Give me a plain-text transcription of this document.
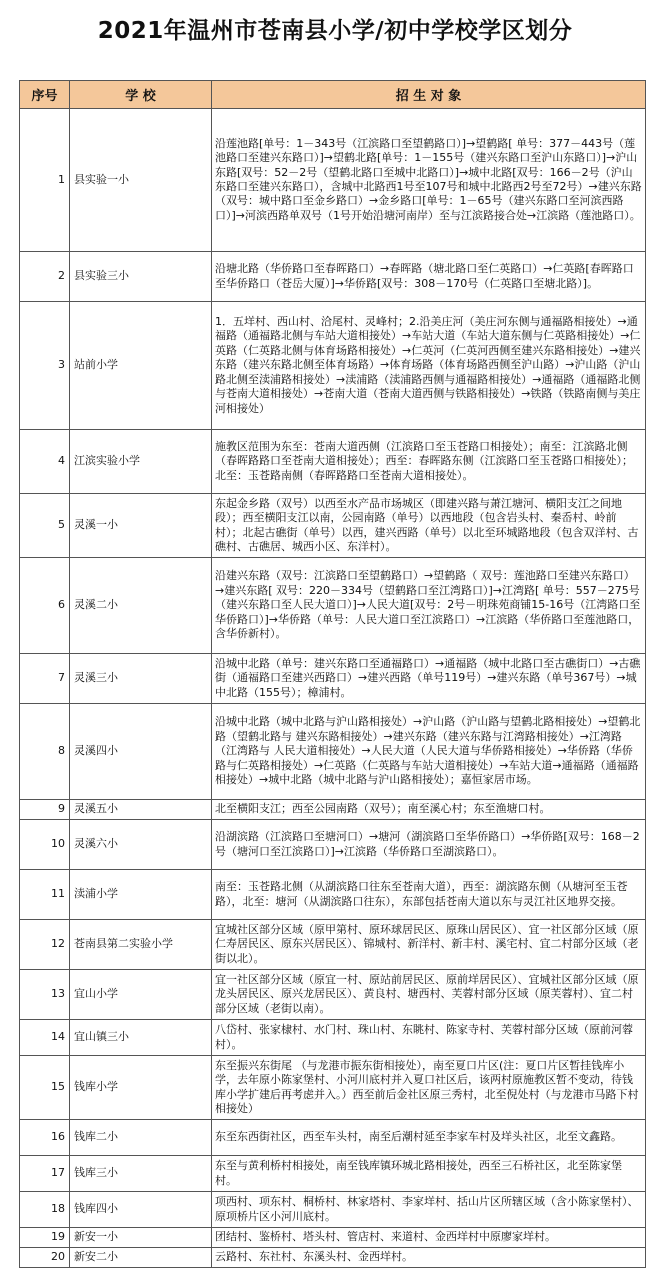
2021年温州市苍南县小学/初中学校学区划分
序号	学 校	招 生 对 象
1	县实验一小	沿莲池路[单号：1－343号（江滨路口至望鹤路口）]→望鹤路[ 单号：377－443号（莲池路口至建兴东路口）]→望鹤北路[单号：1－155号（建兴东路口至沪山东路口）]→沪山东路[双号：52－2号（望鹤北路口至城中北路口）]→城中北路[双号：166－2号（沪山东路口至建兴东路口），含城中北路西1号至107号和城中北路西2号至72号）→建兴东路（双号：城中路口至金乡路口）→金乡路口[单号：1－65号（建兴东路口至河滨西路口）]→河滨西路单双号（1号开始沿塘河南岸）至与江滨路接合处→江滨路（莲池路口）。
2	县实验三小	沿塘北路（华侨路口至春晖路口）→春晖路（塘北路口至仁英路口）→仁英路[春晖路口至华侨路口（苍岳大厦）]→华侨路[双号：308－170号（仁英路口至塘北路）]。
3	站前小学	1．五垟村、西山村、洽尾村、灵峰村；2.沿美庄河（美庄河东侧与通福路相接处）→通福路（通福路北侧与车站大道相接处）→车站大道（车站大道东侧与仁英路相接处）→仁英路（仁英路北侧与体育场路相接处）→仁英河（仁英河西侧至建兴东路相接处）→建兴东路（建兴东路北侧至体育场路）→体育场路（体育场路西侧至沪山路）→沪山路（沪山路北侧至渎浦路相接处）→渎浦路（渎浦路西侧与通福路相接处）→通福路（通福路北侧与苍南大道相接处）→苍南大道（苍南大道西侧与铁路相接处）→铁路（铁路南侧与美庄河相接处）
4	江滨实验小学	施教区范围为东至：苍南大道西侧（江滨路口至玉苍路口相接处）；南至：江滨路北侧（春晖路路口至苍南大道相接处）；西至：春晖路东侧（江滨路口至玉苍路口相接处）；北至：玉苍路南侧（春晖路路口至苍南大道相接处）。
5	灵溪一小	东起金乡路（双号）以西至水产品市场城区（即建兴路与萧江塘河、横阳支江之间地段）；西至横阳支江以南，公园南路（单号）以西地段（包含岩头村、秦岙村、岭前村）；北起古礁街（单号）以西，建兴西路（单号）以北至环城路地段（包含双洋村、古礁村、古礁居、城西小区、东洋村）。
6	灵溪二小	沿建兴东路（双号：江滨路口至望鹤路口）→望鹤路（ 双号：莲池路口至建兴东路口）→建兴东路[ 双号：220－334号（望鹤路口至江湾路口）]→江湾路[ 单号：557－275号（建兴东路口至人民大道口）]→人民大道[双号：2号－明珠苑商铺15-16号（江湾路口至华侨路口）]→华侨路（单号：人民大道口至江滨路口）→江滨路（华侨路口至莲池路口，含华侨新村）。
7	灵溪三小	沿城中北路（单号：建兴东路口至通福路口）→通福路（城中北路口至古礁街口）→古礁街（通福路口至建兴西路口）→建兴西路（单号119号）→建兴东路（单号367号）→城中北路（155号）；樟浦村。
8	灵溪四小	沿城中北路（城中北路与沪山路相接处）→沪山路（沪山路与望鹤北路相接处）→望鹤北路（望鹤北路与 建兴东路相接处）→建兴东路（建兴东路与江湾路相接处）→江湾路（江湾路与 人民大道相接处）→人民大道（人民大道与华侨路相接处）→华侨路（华侨路与仁英路相接处）→仁英路（仁英路与车站大道相接处）→车站大道→通福路（通福路相接处）→城中北路（城中北路与沪山路相接处）；嘉恒家居市场。
9	灵溪五小	北至横阳支江；西至公园南路（双号）；南至溪心村；东至渔塘口村。
10	灵溪六小	沿湖滨路（江滨路口至塘河口）→塘河（湖滨路口至华侨路口）→华侨路[双号：168－2号（塘河口至江滨路口）]→江滨路（华侨路口至湖滨路口）。
11	渎浦小学	南至：玉苍路北侧（从湖滨路口往东至苍南大道），西至：湖滨路东侧（从塘河至玉苍路），北至：塘河（从湖滨路口往东），东部包括苍南大道以东与灵江社区地界交接。
12	苍南县第二实验小学	宜城社区部分区域（原甲第村、原环球居民区、原珠山居民区）、宜一社区部分区域（原仁寿居民区、原东兴居民区）、锦城村、新洋村、新丰村、溪宅村、宜二村部分区域（老街以北）。
13	宜山小学	宜一社区部分区域（原宜一村、原站前居民区、原前垟居民区）、宜城社区部分区域（原龙头居民区、原兴龙居民区）、黄良村、塘西村、芙蓉村部分区域（原芙蓉村）、宜二村部分区域（老街以南）。
14	宜山镇三小	八岱村、张家棣村、水门村、珠山村、东眺村、陈家寺村、芙蓉村部分区域（原前河蓉村）。
15	钱库小学	东至振兴东街尾 （与龙港市振东街相接处），南至夏口片区(注：夏口片区暂挂钱库小学，去年原小陈家堡村、小河川底村并入夏口社区后，该两村原施教区暂不变动，待钱库小学扩建后再考虑并入。）西至前后金社区原三秀村，北至倪处村（与龙港市马路下村相接处）
16	钱库二小	东至东西街社区，西至车头村，南至后潮村延至李家车村及垟头社区，北至文鑫路。
17	钱库三小	东至与黄利桥村相接处，南至钱库镇环城北路相接处，西至三石桥社区，北至陈家堡村。
18	钱库四小	项西村、项东村、桐桥村、林家塔村、李家垟村、括山片区所辖区域（含小陈家堡村）、原项桥片区小河川底村。
19	新安一小	团结村、鉴桥村、塔头村、管店村、来道村、金西垟村中原廖家垟村。
20	新安二小	云路村、东社村、东溪头村、金西垟村。
